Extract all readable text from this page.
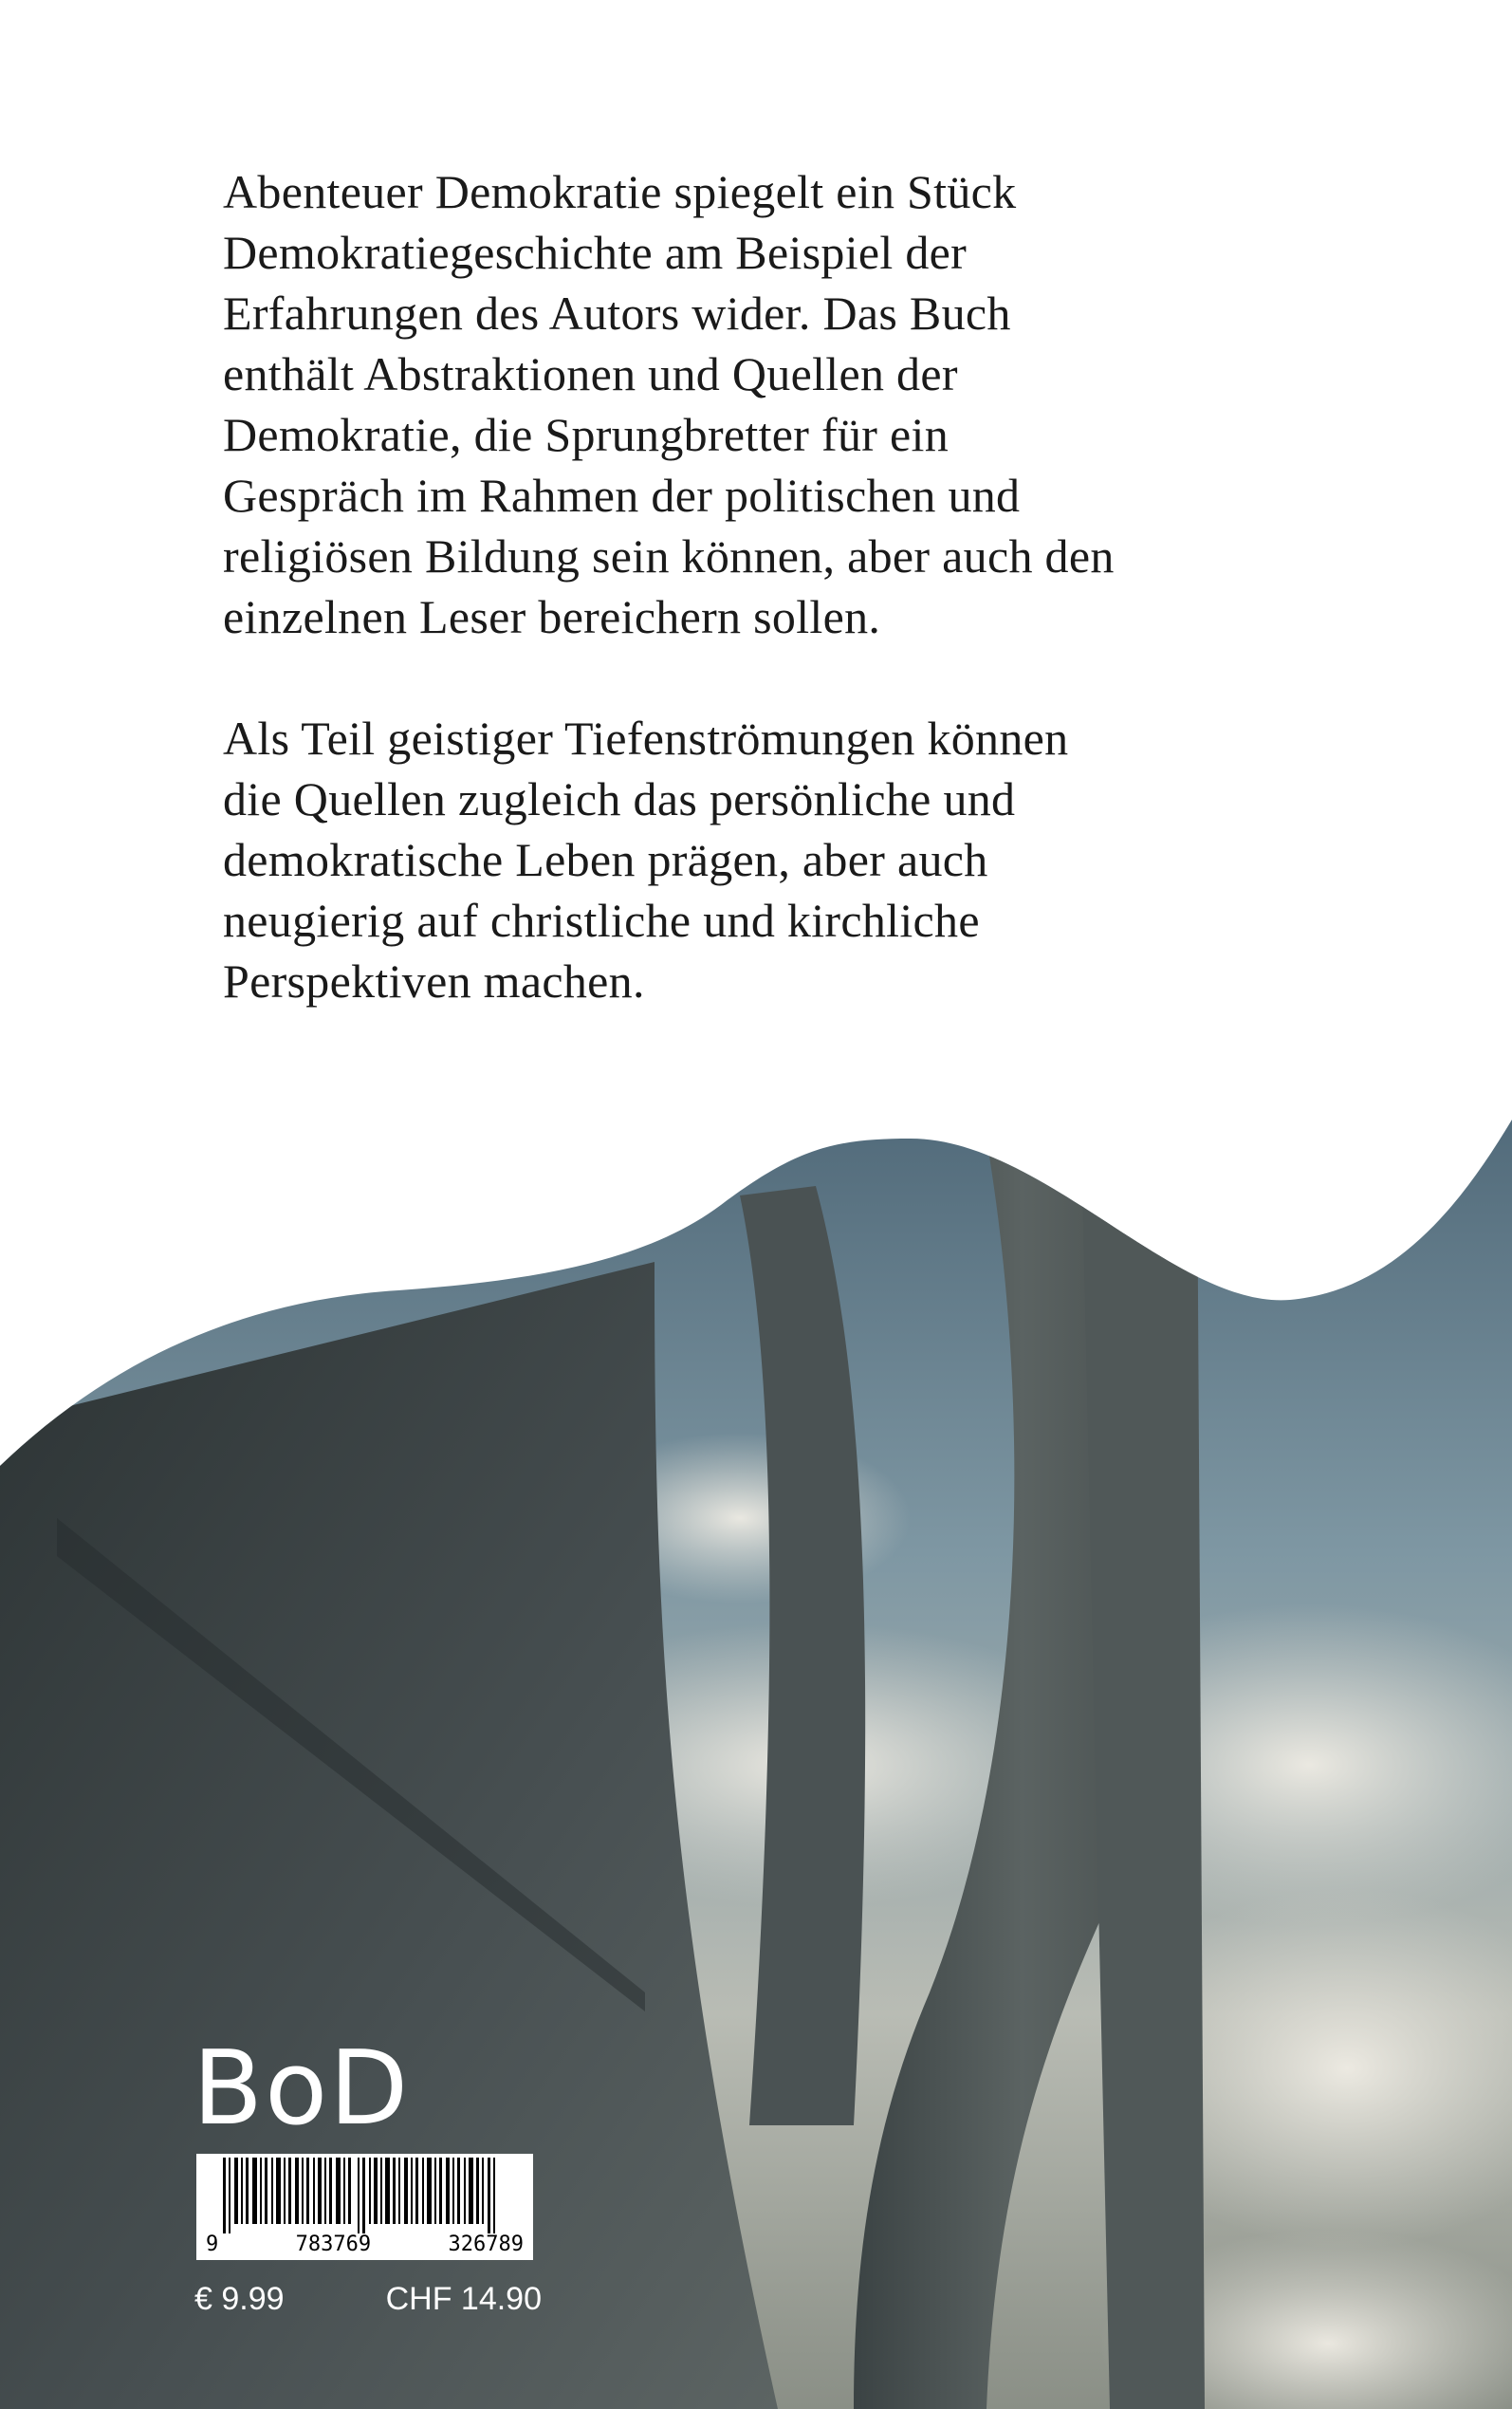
Abenteuer Demokratie spiegelt ein Stück
Demokratiegeschichte am Beispiel der
Erfahrungen des Autors wider. Das Buch
enthält Abstraktionen und Quellen der
Demokratie, die Sprungbretter für ein
Gespräch im Rahmen der politischen und
religiösen Bildung sein können, aber auch den
einzelnen Leser bereichern sollen.

Als Teil geistiger Tiefenströmungen können
die Quellen zugleich das persönliche und
demokratische Leben prägen, aber auch
neugierig auf christliche und kirchliche
Perspektiven machen.

BoD
9	783769	326789
€ 9.99	CHF 14.90
